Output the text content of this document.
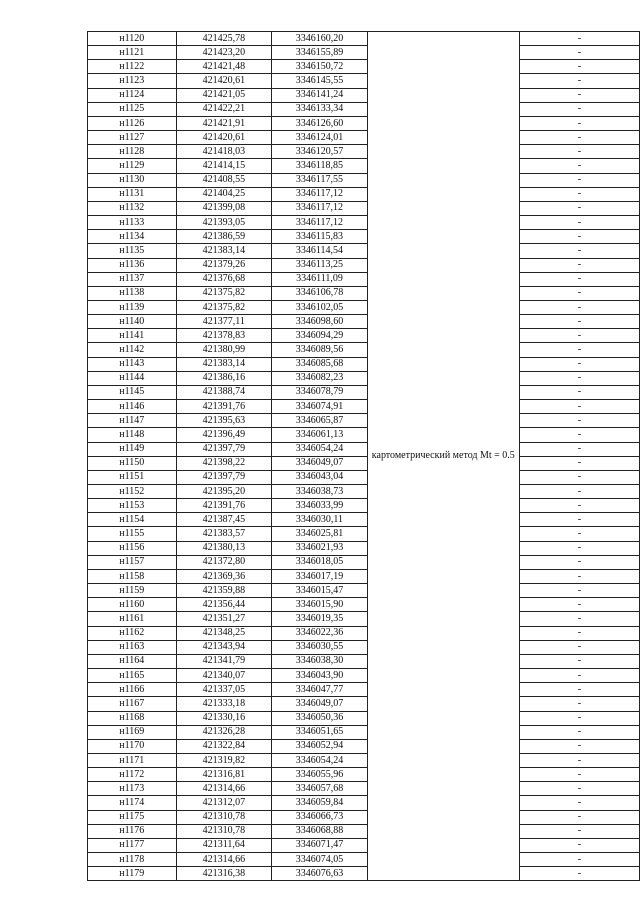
н1120	421425,78	3346160,20	картометрический метод Mt = 0.5	-
н1121	421423,20	3346155,89		-
н1122	421421,48	3346150,72		-
н1123	421420,61	3346145,55		-
н1124	421421,05	3346141,24		-
н1125	421422,21	3346133,34		-
н1126	421421,91	3346126,60		-
н1127	421420,61	3346124,01		-
н1128	421418,03	3346120,57		-
н1129	421414,15	3346118,85		-
н1130	421408,55	3346117,55		-
н1131	421404,25	3346117,12		-
н1132	421399,08	3346117,12		-
н1133	421393,05	3346117,12		-
н1134	421386,59	3346115,83		-
н1135	421383,14	3346114,54		-
н1136	421379,26	3346113,25		-
н1137	421376,68	3346111,09		-
н1138	421375,82	3346106,78		-
н1139	421375,82	3346102,05		-
н1140	421377,11	3346098,60		-
н1141	421378,83	3346094,29		-
н1142	421380,99	3346089,56		-
н1143	421383,14	3346085,68		-
н1144	421386,16	3346082,23		-
н1145	421388,74	3346078,79		-
н1146	421391,76	3346074,91		-
н1147	421395,63	3346065,87		-
н1148	421396,49	3346061,13		-
н1149	421397,79	3346054,24		-
н1150	421398,22	3346049,07		-
н1151	421397,79	3346043,04		-
н1152	421395,20	3346038,73		-
н1153	421391,76	3346033,99		-
н1154	421387,45	3346030,11		-
н1155	421383,57	3346025,81		-
н1156	421380,13	3346021,93		-
н1157	421372,80	3346018,05		-
н1158	421369,36	3346017,19		-
н1159	421359,88	3346015,47		-
н1160	421356,44	3346015,90		-
н1161	421351,27	3346019,35		-
н1162	421348,25	3346022,36		-
н1163	421343,94	3346030,55		-
н1164	421341,79	3346038,30		-
н1165	421340,07	3346043,90		-
н1166	421337,05	3346047,77		-
н1167	421333,18	3346049,07		-
н1168	421330,16	3346050,36		-
н1169	421326,28	3346051,65		-
н1170	421322,84	3346052,94		-
н1171	421319,82	3346054,24		-
н1172	421316,81	3346055,96		-
н1173	421314,66	3346057,68		-
н1174	421312,07	3346059,84		-
н1175	421310,78	3346066,73		-
н1176	421310,78	3346068,88		-
н1177	421311,64	3346071,47		-
н1178	421314,66	3346074,05		-
н1179	421316,38	3346076,63		-
